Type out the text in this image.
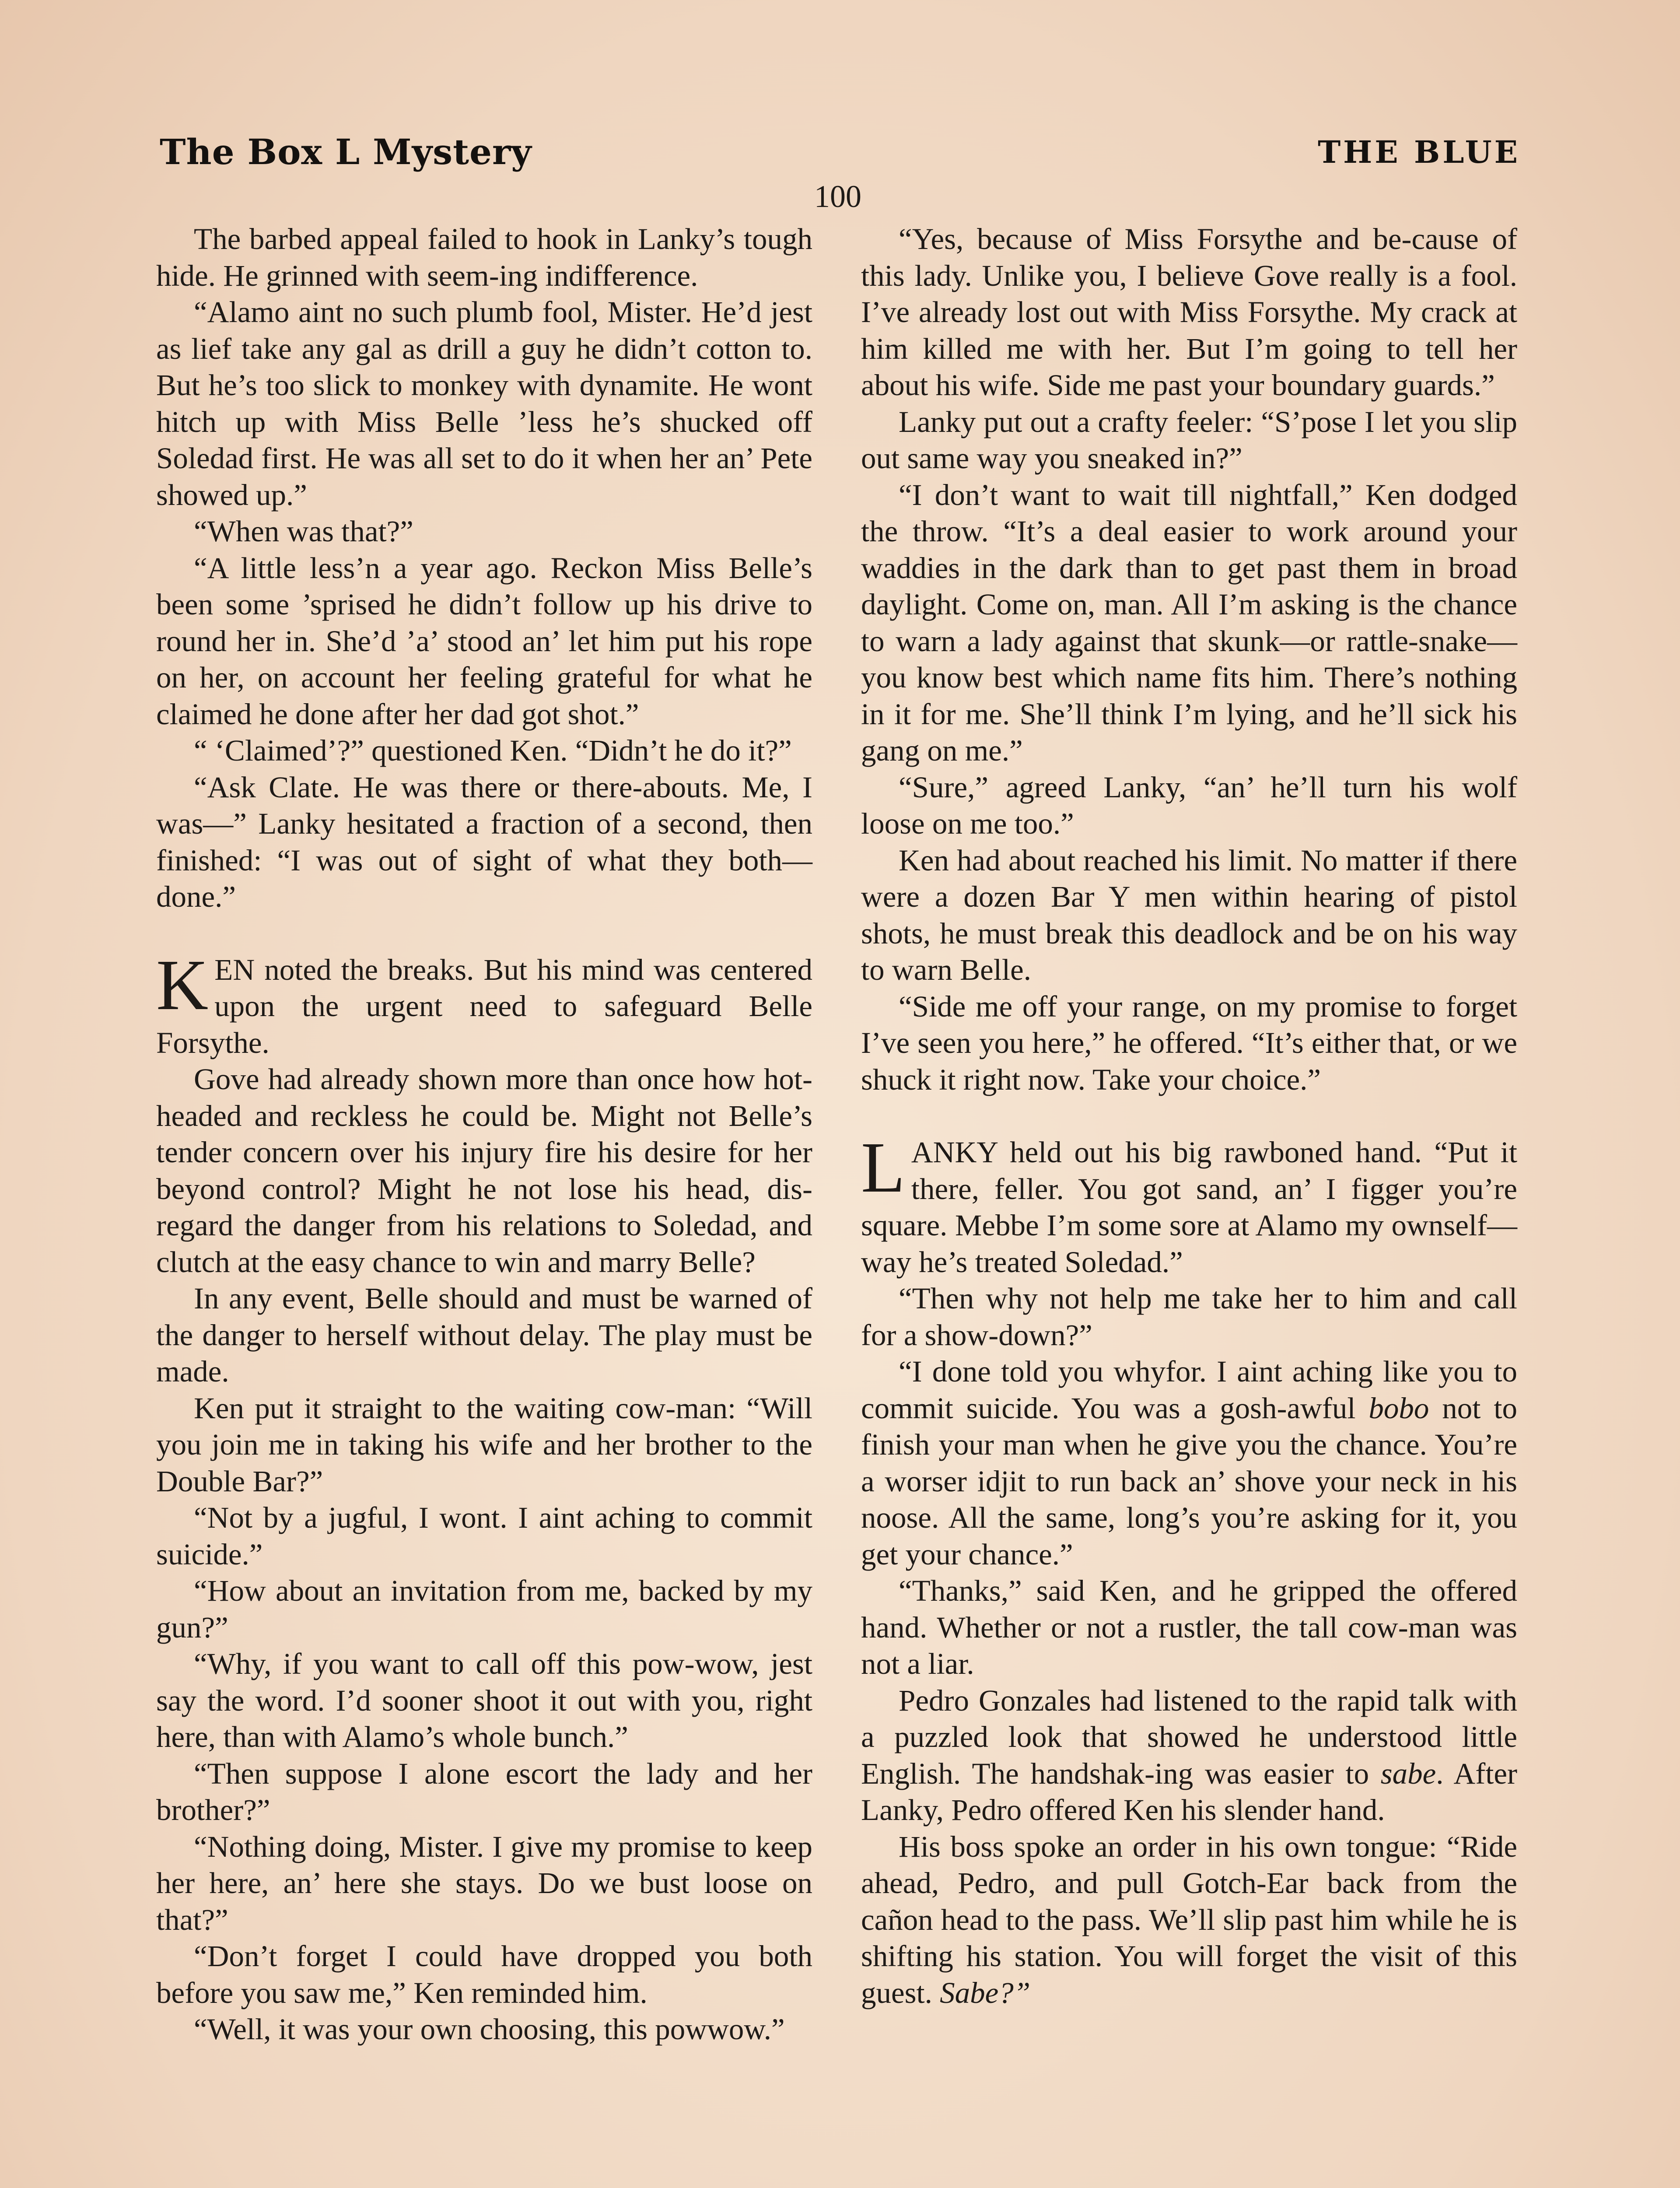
The Box L Mystery	THE BLUE
100

The barbed appeal failed to hook in Lanky’s tough hide. He grinned with seem-ing indifference.

“Alamo aint no such plumb fool, Mister. He’d jest as lief take any gal as drill a guy he didn’t cotton to. But he’s too slick to monkey with dynamite. He wont hitch up with Miss Belle ’less he’s shucked off Soledad first. He was all set to do it when her an’ Pete showed up.”

“When was that?”

“A little less’n a year ago. Reckon Miss Belle’s been some ’sprised he didn’t follow up his drive to round her in. She’d ’a’ stood an’ let him put his rope on her, on account her feeling grateful for what he claimed he done after her dad got shot.”

“ ‘Claimed’?” questioned Ken. “Didn’t he do it?”

“Ask Clate. He was there or there-abouts. Me, I was—” Lanky hesitated a fraction of a second, then finished: “I was out of sight of what they both—done.”

KEN noted the breaks. But his mind was centered upon the urgent need to safeguard Belle Forsythe.

Gove had already shown more than once how hot-headed and reckless he could be. Might not Belle’s tender concern over his injury fire his desire for her beyond control? Might he not lose his head, dis-regard the danger from his relations to Soledad, and clutch at the easy chance to win and marry Belle?

In any event, Belle should and must be warned of the danger to herself without delay. The play must be made.

Ken put it straight to the waiting cow-man: “Will you join me in taking his wife and her brother to the Double Bar?”

“Not by a jugful, I wont. I aint aching to commit suicide.”

“How about an invitation from me, backed by my gun?”

“Why, if you want to call off this pow-wow, jest say the word. I’d sooner shoot it out with you, right here, than with Alamo’s whole bunch.”

“Then suppose I alone escort the lady and her brother?”

“Nothing doing, Mister. I give my promise to keep her here, an’ here she stays. Do we bust loose on that?”

“Don’t forget I could have dropped you both before you saw me,” Ken reminded him.

“Well, it was your own choosing, this powwow.”

“Yes, because of Miss Forsythe and be-cause of this lady. Unlike you, I believe Gove really is a fool. I’ve already lost out with Miss Forsythe. My crack at him killed me with her. But I’m going to tell her about his wife. Side me past your boundary guards.”

Lanky put out a crafty feeler: “S’pose I let you slip out same way you sneaked in?”

“I don’t want to wait till nightfall,” Ken dodged the throw. “It’s a deal easier to work around your waddies in the dark than to get past them in broad daylight. Come on, man. All I’m asking is the chance to warn a lady against that skunk—or rattle-snake—you know best which name fits him. There’s nothing in it for me. She’ll think I’m lying, and he’ll sick his gang on me.”

“Sure,” agreed Lanky, “an’ he’ll turn his wolf loose on me too.”

Ken had about reached his limit. No matter if there were a dozen Bar Y men within hearing of pistol shots, he must break this deadlock and be on his way to warn Belle.

“Side me off your range, on my promise to forget I’ve seen you here,” he offered. “It’s either that, or we shuck it right now. Take your choice.”

LANKY held out his big rawboned hand. “Put it there, feller. You got sand, an’ I figger you’re square. Mebbe I’m some sore at Alamo my ownself—way he’s treated Soledad.”

“Then why not help me take her to him and call for a show-down?”

“I done told you whyfor. I aint aching like you to commit suicide. You was a gosh-awful bobo not to finish your man when he give you the chance. You’re a worser idjit to run back an’ shove your neck in his noose. All the same, long’s you’re asking for it, you get your chance.”

“Thanks,” said Ken, and he gripped the offered hand. Whether or not a rustler, the tall cow-man was not a liar.

Pedro Gonzales had listened to the rapid talk with a puzzled look that showed he understood little English. The handshak-ing was easier to sabe. After Lanky, Pedro offered Ken his slender hand.

His boss spoke an order in his own tongue: “Ride ahead, Pedro, and pull Gotch-Ear back from the cañon head to the pass. We’ll slip past him while he is shifting his station. You will forget the visit of this guest. Sabe?”
